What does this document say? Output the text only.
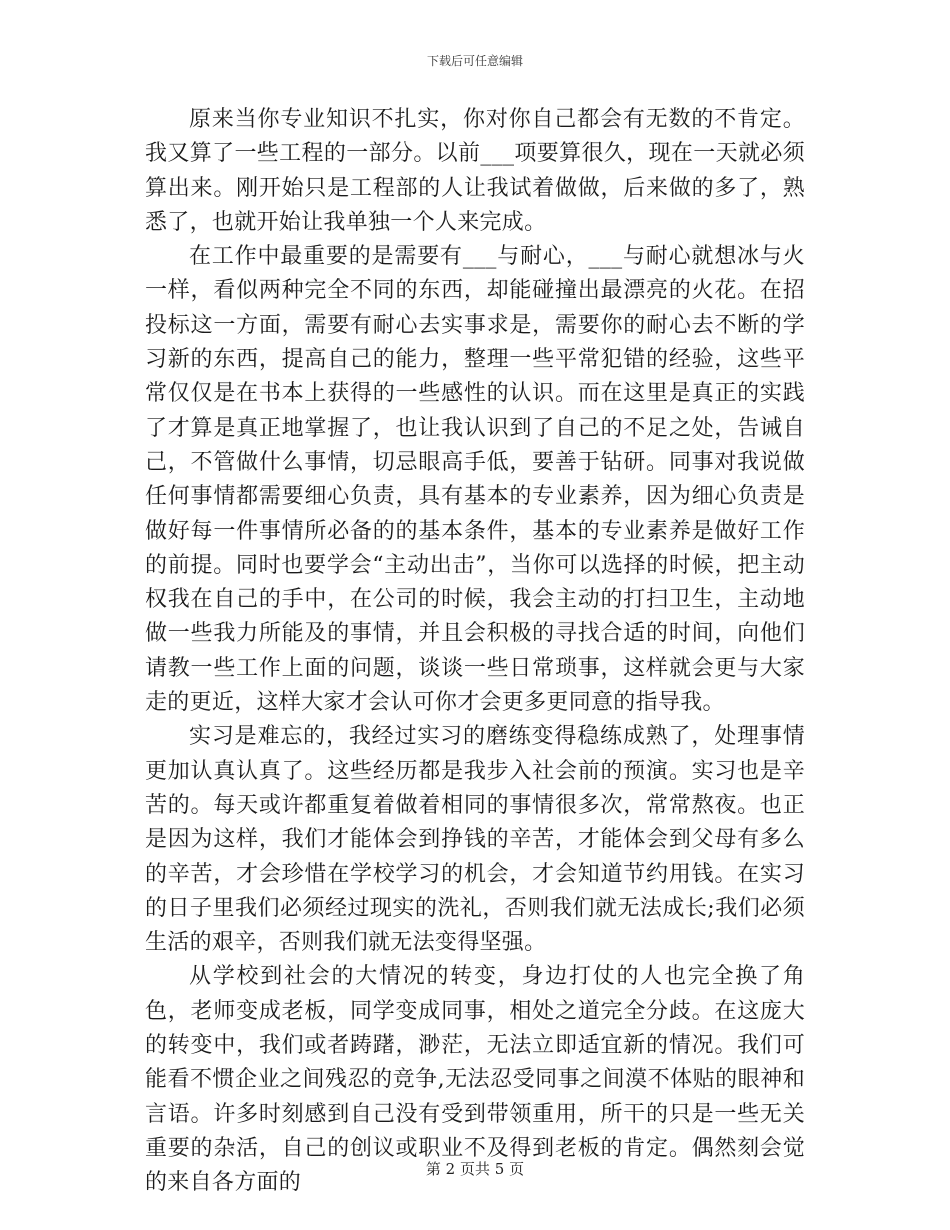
下载后可任意编辑

原来当你专业知识不扎实，你对你自己都会有无数的不肯定。我又算了一些工程的一部分。以前___项要算很久，现在一天就必须算出来。刚开始只是工程部的人让我试着做做，后来做的多了，熟悉了，也就开始让我单独一个人来完成。

在工作中最重要的是需要有___与耐心，___与耐心就想冰与火一样，看似两种完全不同的东西，却能碰撞出最漂亮的火花。在招投标这一方面，需要有耐心去实事求是，需要你的耐心去不断的学习新的东西，提高自己的能力，整理一些平常犯错的经验，这些平常仅仅是在书本上获得的一些感性的认识。而在这里是真正的实践了才算是真正地掌握了，也让我认识到了自己的不足之处，告诫自己，不管做什么事情，切忌眼高手低，要善于钻研。同事对我说做任何事情都需要细心负责，具有基本的专业素养，因为细心负责是做好每一件事情所必备的的基本条件，基本的专业素养是做好工作的前提。同时也要学会“主动出击”，当你可以选择的时候，把主动权我在自己的手中，在公司的时候，我会主动的打扫卫生，主动地做一些我力所能及的事情，并且会积极的寻找合适的时间，向他们请教一些工作上面的问题，谈谈一些日常琐事，这样就会更与大家走的更近，这样大家才会认可你才会更多更同意的指导我。

实习是难忘的，我经过实习的磨练变得稳练成熟了，处理事情更加认真认真了。这些经历都是我步入社会前的预演。实习也是辛苦的。每天或许都重复着做着相同的事情很多次，常常熬夜。也正是因为这样，我们才能体会到挣钱的辛苦，才能体会到父母有多么的辛苦，才会珍惜在学校学习的机会，才会知道节约用钱。在实习的日子里我们必须经过现实的洗礼，否则我们就无法成长;我们必须生活的艰辛，否则我们就无法变得坚强。

从学校到社会的大情况的转变，身边打仗的人也完全换了角色，老师变成老板，同学变成同事，相处之道完全分歧。在这庞大的转变中，我们或者踌躇，渺茫，无法立即适宜新的情况。我们可能看不惯企业之间残忍的竞争,无法忍受同事之间漠不体贴的眼神和言语。许多时刻感到自己没有受到带领重用，所干的只是一些无关重要的杂活，自己的创议或职业不及得到老板的肯定。偶然刻会觉的来自各方面的

第 2 页共 5 页
